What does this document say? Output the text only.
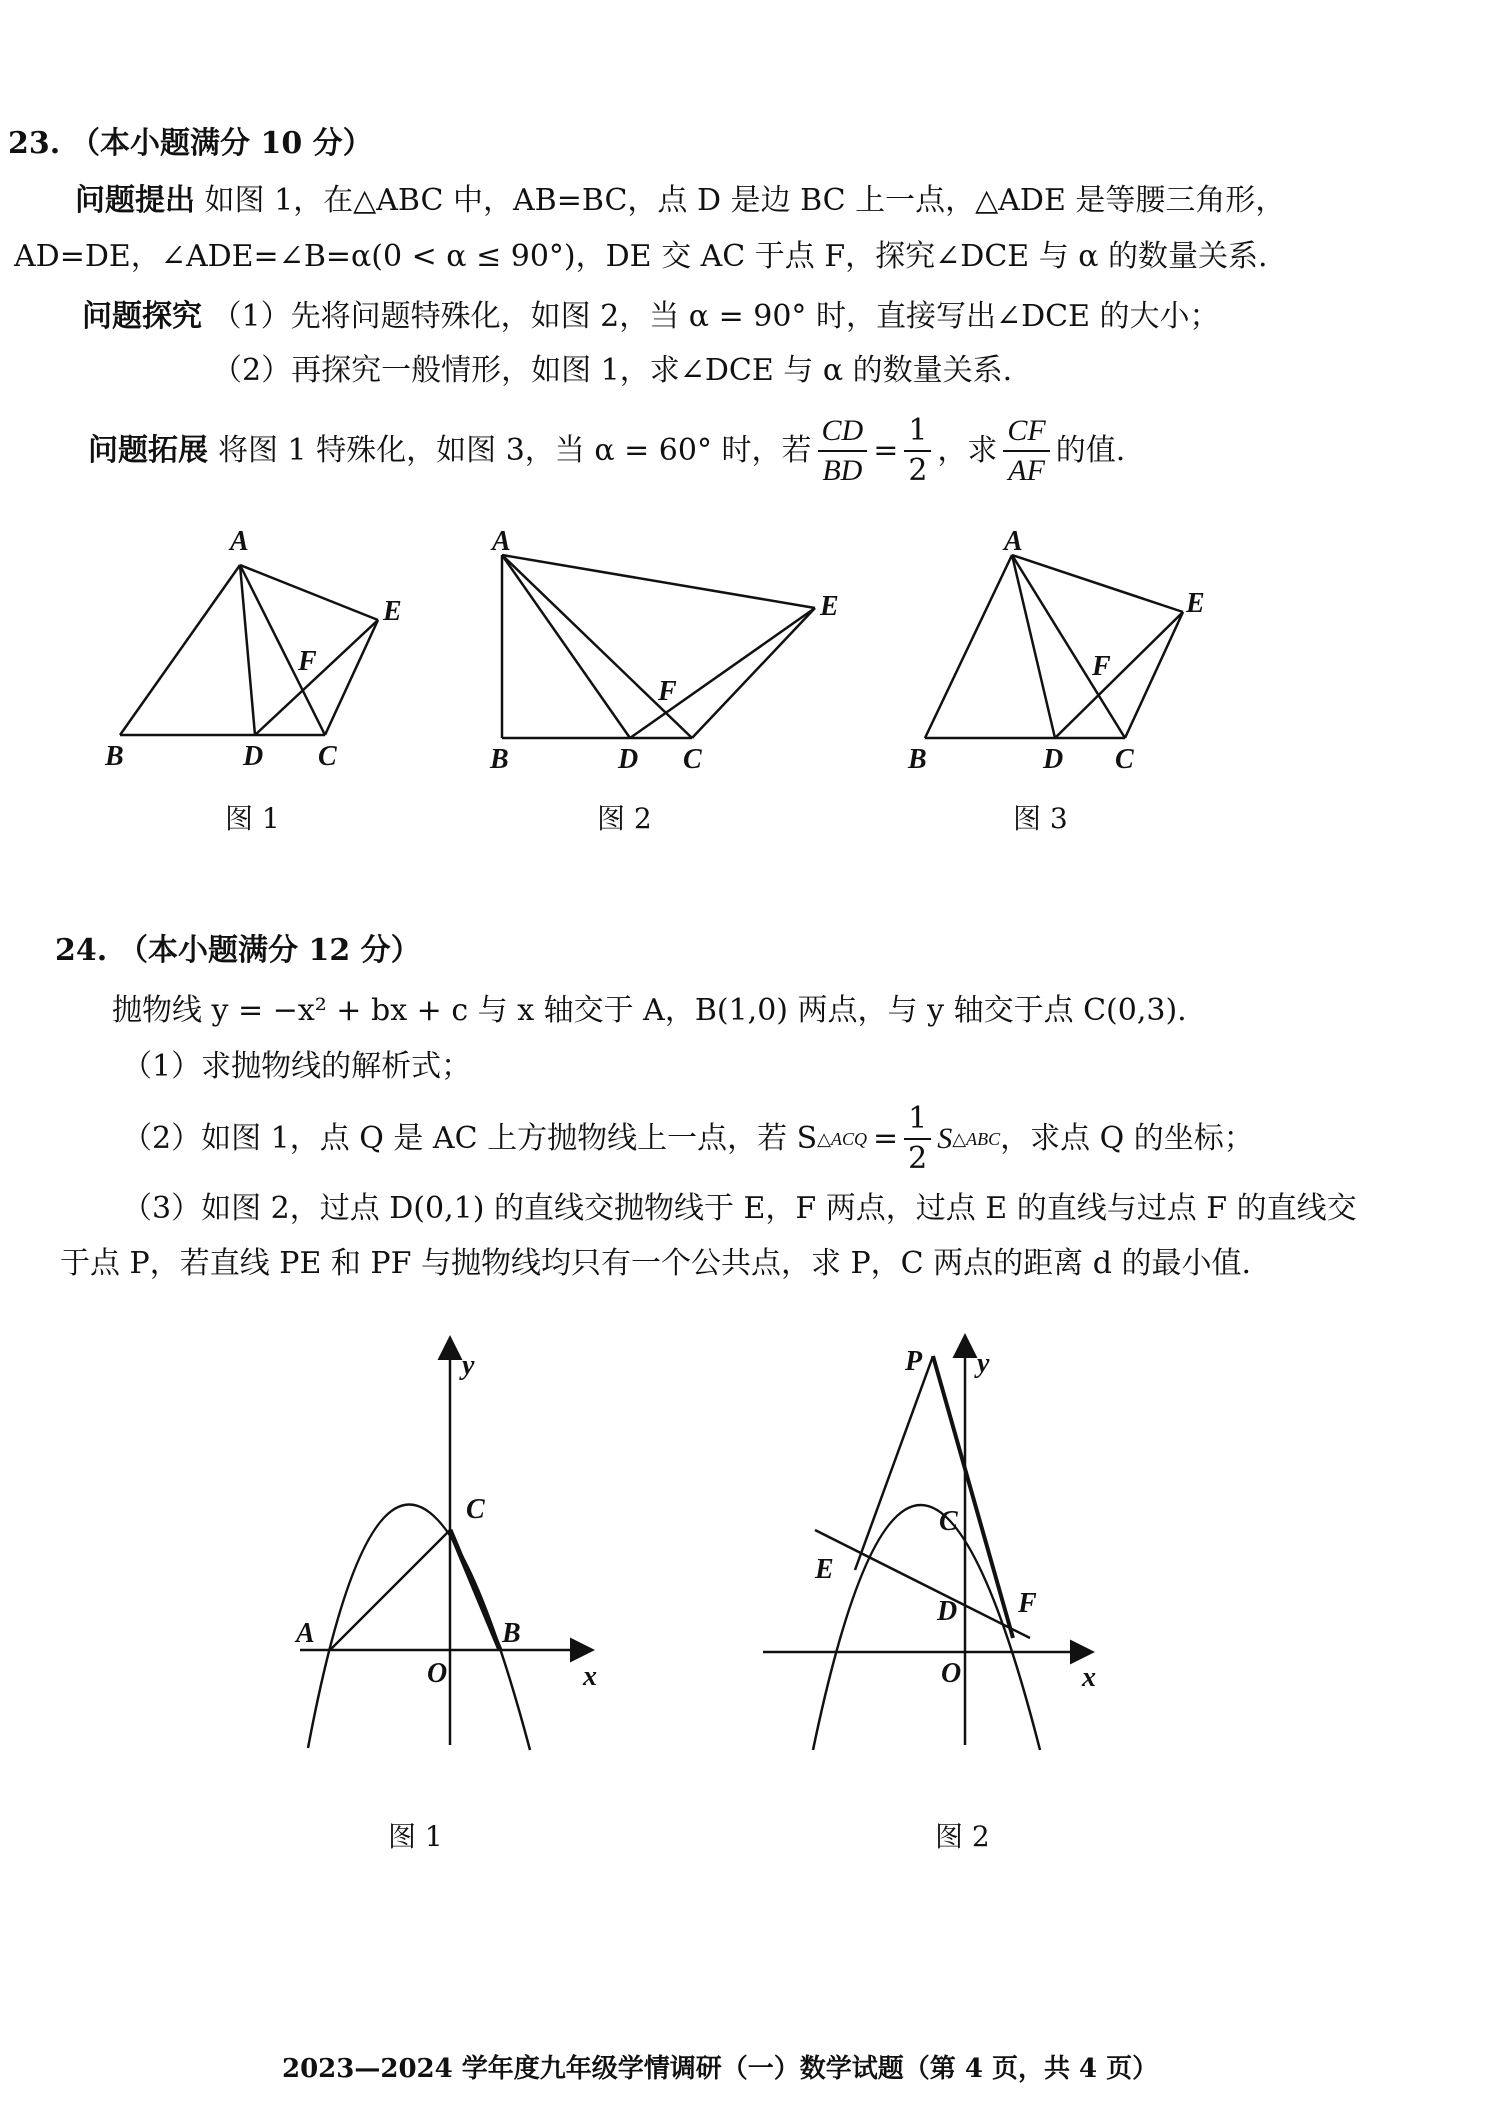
23. （本小题满分 10 分）
问题提出 如图 1，在△ABC 中，AB=BC，点 D 是边 BC 上一点，△ADE 是等腰三角形，
AD=DE，∠ADE=∠B=α(0 < α ≤ 90°)，DE 交 AC 于点 F，探究∠DCE 与 α 的数量关系.
问题探究 （1）先将问题特殊化，如图 2，当 α = 90° 时，直接写出∠DCE 的大小；
（2）再探究一般情形，如图 1，求∠DCE 与 α 的数量关系.
问题拓展 将图 1 特殊化，如图 3，当 α = 60° 时，若 $\frac{CD}{BD} = \frac{1}{2}$ ，求 $\frac{CF}{AF}$ 的值.
A
B	D C
E
F
图 1
A
B	D C
E
F
图 2
A
B	D C
E
F
图 3
24. （本小题满分 12 分）
抛物线 y = −x² + bx + c 与 x 轴交于 A，B(1,0) 两点，与 y 轴交于点 C(0,3).
（1）求抛物线的解析式；
（2）如图 1，点 Q 是 AC 上方抛物线上一点，若 S △ACQ = $\frac{1}{2}$ S △ABC ，求点 Q 的坐标；
（3）如图 2，过点 D(0,1) 的直线交抛物线于 E，F 两点，过点 E 的直线与过点 F 的直线交
于点 P，若直线 PE 和 PF 与抛物线均只有一个公共点，求 P，C 两点的距离 d 的最小值.
y
x
O
A
C
B
图 1
y
x
O
P
C
E
D F
图 2
2023—2024 学年度九年级学情调研（一）数学试题（第 4 页，共 4 页）
